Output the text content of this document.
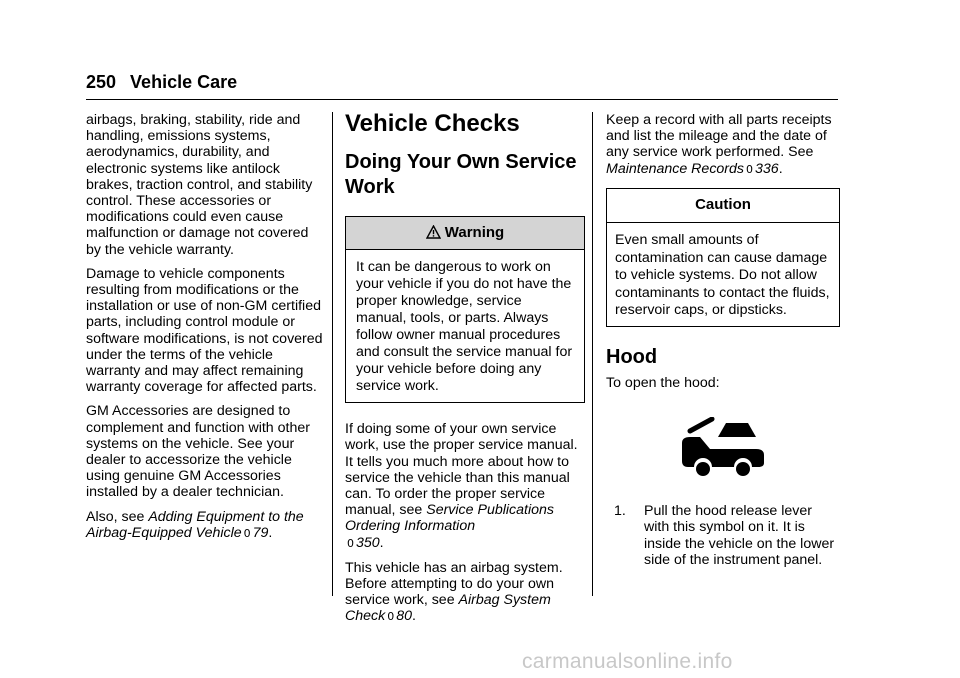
250 Vehicle Care

airbags, braking, stability, ride and handling, emissions systems, aerodynamics, durability, and electronic systems like antilock brakes, traction control, and stability control. These accessories or modifications could even cause malfunction or damage not covered by the vehicle warranty.

Damage to vehicle components resulting from modifications or the installation or use of non-GM certified parts, including control module or software modifications, is not covered under the terms of the vehicle warranty and may affect remaining warranty coverage for affected parts.

GM Accessories are designed to complement and function with other systems on the vehicle. See your dealer to accessorize the vehicle using genuine GM Accessories installed by a dealer technician.

Also, see Adding Equipment to the Airbag-Equipped Vehicle 0 79.

Vehicle Checks
Doing Your Own Service Work
Warning
It can be dangerous to work on your vehicle if you do not have the proper knowledge, service manual, tools, or parts. Always follow owner manual procedures and consult the service manual for your vehicle before doing any service work.

If doing some of your own service work, use the proper service manual. It tells you much more about how to service the vehicle than this manual can. To order the proper service manual, see Service Publications Ordering Information
0 350.

This vehicle has an airbag system. Before attempting to do your own service work, see Airbag System Check 0 80.

Keep a record with all parts receipts and list the mileage and the date of any service work performed. See Maintenance Records 0 336.

Caution
Even small amounts of contamination can cause damage to vehicle systems. Do not allow contaminants to contact the fluids, reservoir caps, or dipsticks.
Hood

To open the hood:

1.	Pull the hood release lever with this symbol on it. It is inside the vehicle on the lower side of the instrument panel.
carmanualsonline.info
